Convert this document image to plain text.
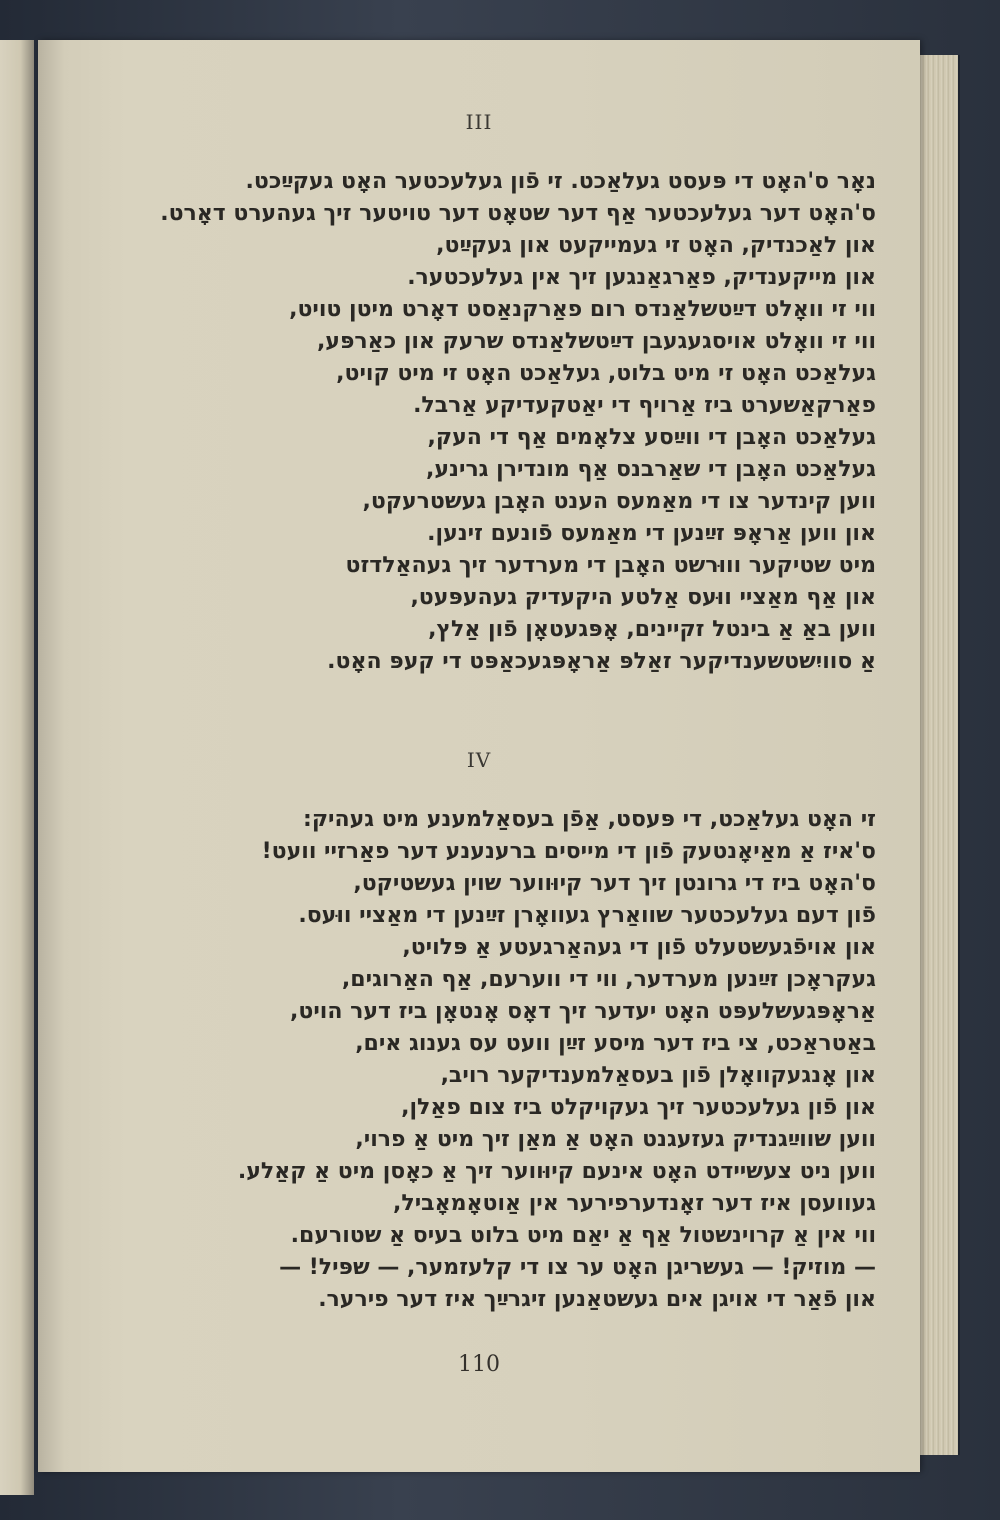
III
נאָר ס'האָט די פּעסט געלאַכט. זי פֿון געלעכטער האָט געקײַכט.
ס'האָט דער געלעכטער אַף דער שטאָט דער טויטער זיך געהערט דאָרט.
און לאַכנדיק, האָט זי געמייקעט און געקײַט,
און מייקענדיק, פאַרגאַנגען זיך אין געלעכטער.
ווי זי וואָלט דײַטשלאַנדס רום פאַרקנאַסט דאָרט מיטן טויט,
ווי זי וואָלט אויסגעגעבן דײַטשלאַנדס שרעק און כאַרפּע,
געלאַכט האָט זי מיט בלוט, געלאַכט האָט זי מיט קויט,
פאַרקאַשערט ביז אַרויף די יאַטקעדיקע אַרבל.
געלאַכט האָבן די ווײַסע צלאָמים אַף די העק,
געלאַכט האָבן די שאַרבנס אַף מונדירן גרינע,
ווען קינדער צו די מאַמעס הענט האָבן געשטרעקט,
און ווען אַראָפּ זײַנען די מאַמעס פֿונעם זינען.
מיט שטיקער וווּרשט האָבן די מערדער זיך געהאַלדזט
און אַף מאַציי ווּעס אַלטע היקעדיק געהעפּעט,
ווען באַ אַ בינטל זקיינים, אָפּגעטאָן פֿון אַלץ,
אַ סוויִשטשענדיקער זאַלפּ אַראָפּגעכאַפּט די קעפּ האָט.
IV
זי האָט געלאַכט, די פּעסט, אַפֿן בעסאַלמענע מיט געהיק:
ס'איז אַ מאַיאָנטעק פֿון די מייסים ברענענע דער פאַרזיי וועט!
ס'האָט ביז די גרונטן זיך דער קיוּווער שוין געשטיקט,
פֿון דעם געלעכטער שוואַרץ געוואָרן זײַנען די מאַציי ווּעס.
און אויפֿגעשטעלט פֿון די געהאַרגעטע אַ פּלויט,
געקראָכן זײַנען מערדער, ווי די ווערעם, אַף האַרוגים,
אַראָפּגעשלעפּט האָט יעדער זיך דאָס אָנטאָן ביז דער הויט,
באַטראַכט, צי ביז דער מיסע זײַן וועט עס גענוג אים,
און אָנגעקוואָלן פֿון בעסאַלמענדיקער רויב,
און פֿון געלעכטער זיך געקויקלט ביז צום פאַלן,
ווען שווײַגנדיק געזעגנט האָט אַ מאַן זיך מיט אַ פרוי,
ווען ניט צעשיידט האָט אינעם קיוּווער זיך אַ כאָסן מיט אַ קאַלע.
געוועסן איז דער זאָנדערפירער אין אַוטאָמאָביל,
ווי אין אַ קרוינשטול אַף אַ יאַם מיט בלוט בעיס אַ שטורעם.
— מוזיק! — געשריגן האָט ער צו די קלעזמער, — שפּיל! —
און פֿאַר די אויגן אים געשטאַנען זיגרײַך איז דער פירער.
110
